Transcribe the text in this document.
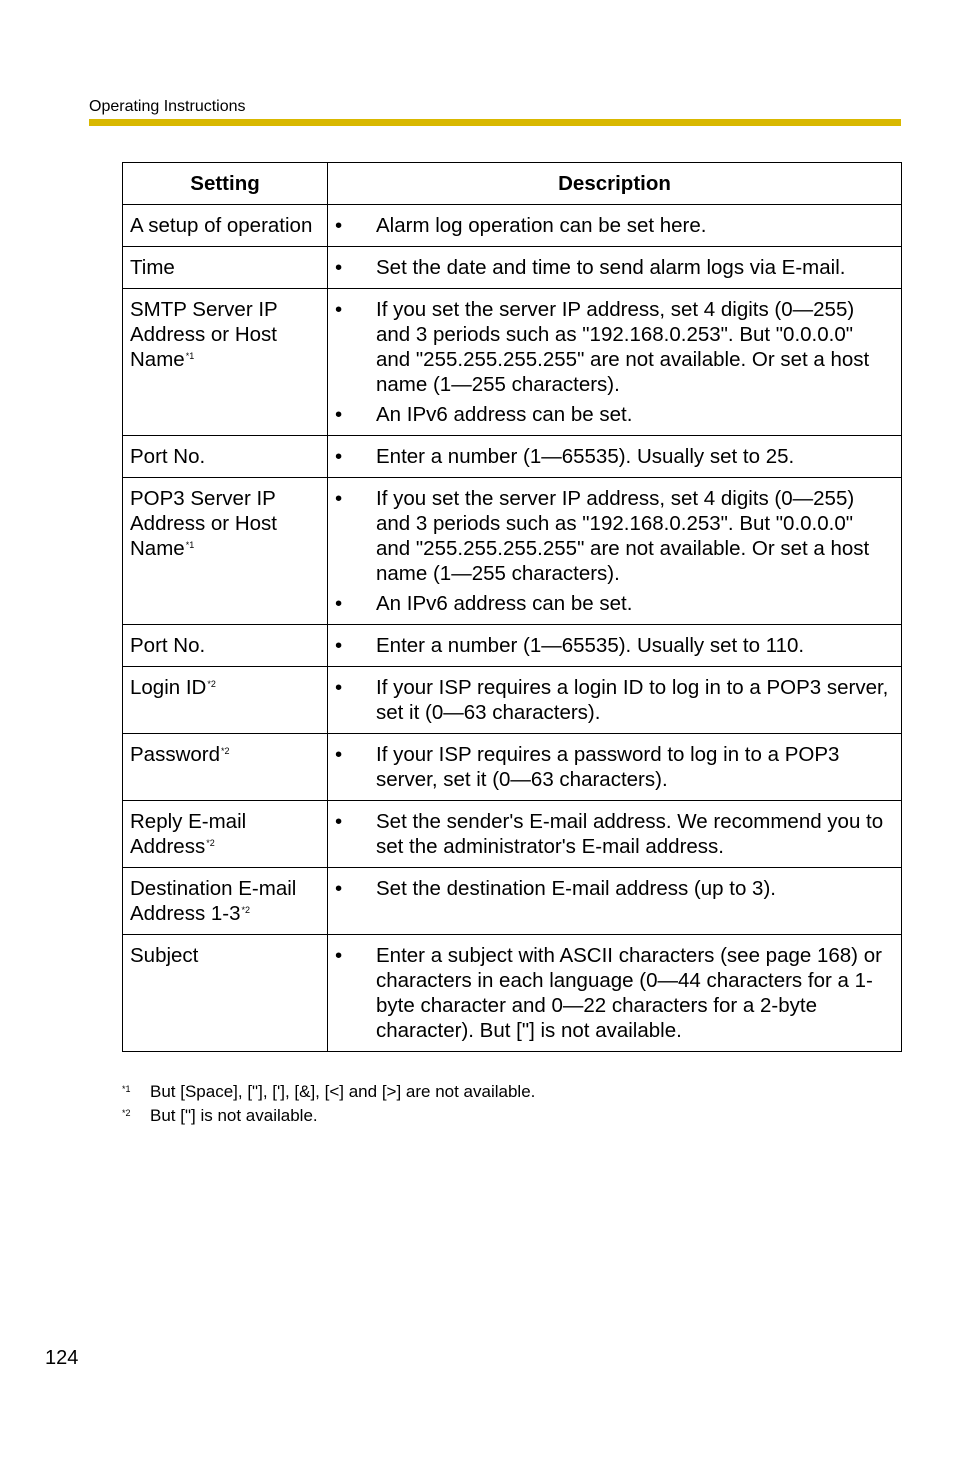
Operating Instructions
Setting	Description
A setup of operation	• Alarm log operation can be set here.

Time	• Set the date and time to send alarm logs via E-mail.

SMTP Server IP Address or Host Name$^{*1}$	• If you set the server IP address, set 4 digits (0—255) and 3 periods such as "192.168.0.253". But "0.0.0.0" and "255.255.255.255" are not available. Or set a host name (1—255 characters).
• An IPv6 address can be set.

Port No.	• Enter a number (1—65535). Usually set to 25.

POP3 Server IP Address or Host Name$^{*1}$	• If you set the server IP address, set 4 digits (0—255) and 3 periods such as "192.168.0.253". But "0.0.0.0" and "255.255.255.255" are not available. Or set a host name (1—255 characters).
• An IPv6 address can be set.

Port No.	• Enter a number (1—65535). Usually set to 110.

Login ID$^{*2}$	• If your ISP requires a login ID to log in to a POP3 server, set it (0—63 characters).

Password$^{*2}$	• If your ISP requires a password to log in to a POP3 server, set it (0—63 characters).

Reply E-mail Address$^{*2}$	• Set the sender's E-mail address. We recommend you to set the administrator's E-mail address.

Destination E-mail Address 1-3$^{*2}$	• Set the destination E-mail address (up to 3).

Subject	• Enter a subject with ASCII characters (see page 168) or characters in each language (0—44 characters for a 1-byte character and 0—22 characters for a 2-byte character). But ["] is not available.
*1	But [Space], ["], ['], [&], [<] and [>] are not available.
*2	But ["] is not available.
124
